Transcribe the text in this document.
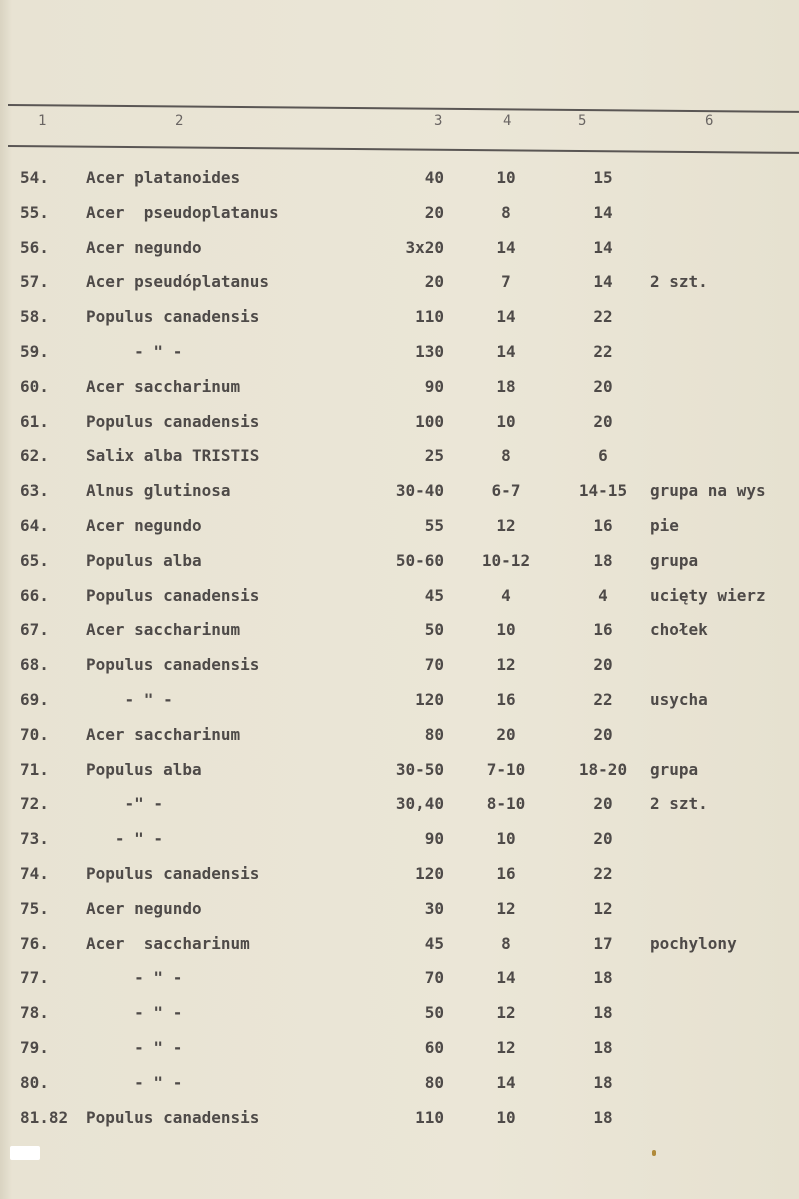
1	2	3	4	5	6
54.	Acer platanoides	40	10	15
55.	Acer  pseudoplatanus	20	8	14
56.	Acer negundo	3x20	14	14
57.	Acer pseudóplatanus	20	7	14	2 szt.
58.	Populus canadensis	110	14	22
59.	- " -	130	14	22
60.	Acer saccharinum	90	18	20
61.	Populus canadensis	100	10	20
62.	Salix alba TRISTIS	25	8	6
63.	Alnus glutinosa	30-40	6-7	14-15	grupa na wys
64.	Acer negundo	55	12	16	pie
65.	Populus alba	50-60	10-12	18	grupa
66.	Populus canadensis	45	4	4	ucięty wierz
67.	Acer saccharinum	50	10	16	chołek
68.	Populus canadensis	70	12	20
69.	- " -	120	16	22	usycha
70.	Acer saccharinum	80	20	20
71.	Populus alba	30-50	7-10	18-20	grupa
72.	-" -	30,40	8-10	20	2 szt.
73.	- " -	90	10	20
74.	Populus canadensis	120	16	22
75.	Acer negundo	30	12	12
76.	Acer  saccharinum	45	8	17	pochylony
77.	- " -	70	14	18
78.	- " -	50	12	18
79.	- " -	60	12	18
80.	- " -	80	14	18
81.82	Populus canadensis	110	10	18
